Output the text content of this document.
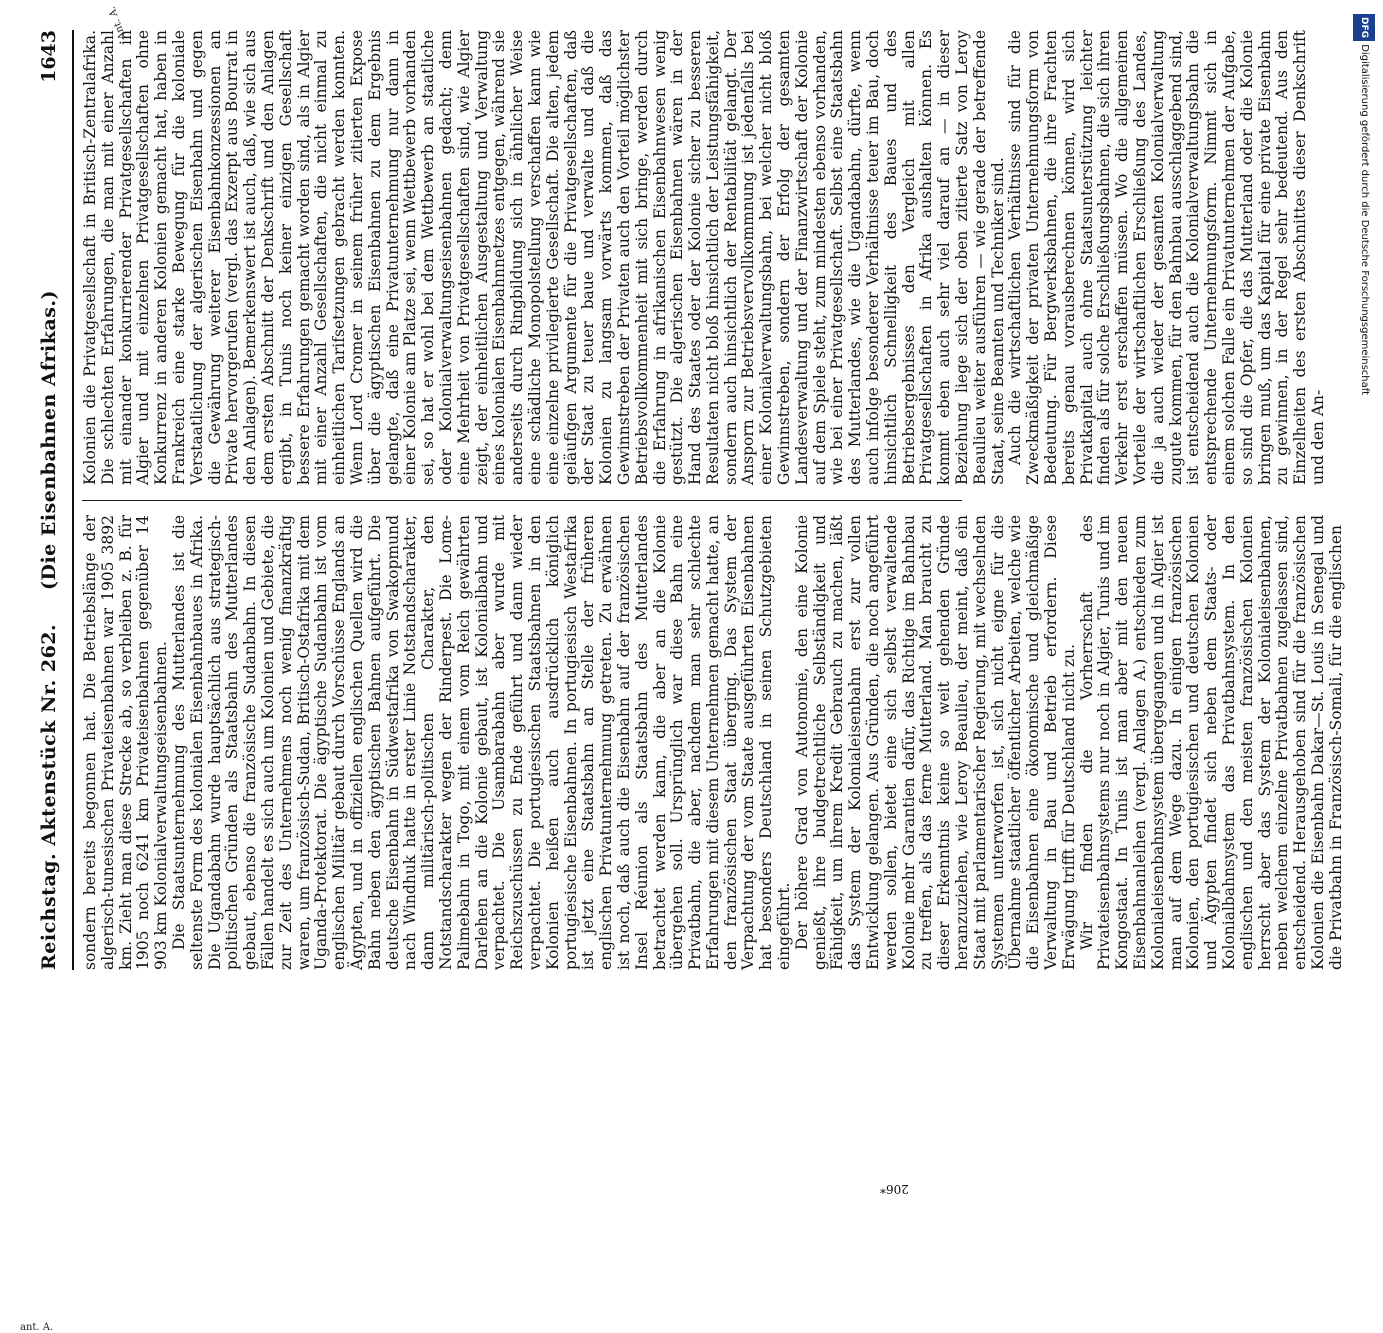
Reichstag. Aktenstück Nr. 262.
(Die Eisenbahnen Afrikas.)
1643

sondern bereits begonnen hat. Die Betriebslänge der algerisch-tunesischen Privateisenbahnen war 1905 3892 km. Zieht man diese Strecke ab, so verbleiben z. B. für 1905 noch 6241 km Privateisenbahnen gegenüber 14 903 km Kolonialverwaltungseisenbahnen. Die Staatsunternehmung des Mutterlandes ist die seltenste Form des kolonialen Eisenbahnbaues in Afrika. Die Ugandabahn wurde hauptsächlich aus strategisch-politischen Gründen als Staatsbahn des Mutterlandes gebaut, ebenso die französische Sudanbahn. In diesen Fällen handelt es sich auch um Kolonien und Gebiete, die zur Zeit des Unternehmens noch wenig finanzkräftig waren, um französisch-Sudan, Britisch-Ostafrika mit dem Uganda-Protektorat. Die ägyptische Sudanbahn ist vom englischen Militär gebaut durch Vorschüsse Englands an Ägypten, und in offiziellen englischen Quellen wird die Bahn neben den ägyptischen Bahnen aufgeführt. Die deutsche Eisenbahn in Südwestafrika von Swakopmund nach Windhuk hatte in erster Linie Notstandscharakter, dann militärisch-politischen Charakter, den Notstandscharakter wegen der Rinderpest. Die Lome-Palimebahn in Togo, mit einem vom Reich gewährten Darlehen an die Kolonie gebaut, ist Kolonialbahn und verpachtet. Die Usambarabahn aber wurde mit Reichszuschüssen zu Ende geführt und dann wieder verpachtet. Die portugiesischen Staatsbahnen in den Kolonien heißen auch ausdrücklich königlich portugiesische Eisenbahnen. In portugiesisch Westafrika ist jetzt eine Staatsbahn an Stelle der früheren englischen Privatunternehmung getreten. Zu erwähnen ist noch, daß auch die Eisenbahn auf der französischen Insel Réunion als Staatsbahn des Mutterlandes betrachtet werden kann, die aber an die Kolonie übergehen soll. Ursprünglich war diese Bahn eine Privatbahn, die aber, nachdem man sehr schlechte Erfahrungen mit diesem Unternehmen gemacht hatte, an den französischen Staat überging. Das System der Verpachtung der vom Staate ausgeführten Eisenbahnen hat besonders Deutschland in seinen Schutzgebieten eingeführt. Der höhere Grad von Autonomie, den eine Kolonie genießt, ihre budgetrechtliche Selbständigkeit und Fähigkeit, um ihrem Kredit Gebrauch zu machen, läßt das System der Kolonialeisenbahn erst zur vollen Entwicklung gelangen. Aus Gründen, die noch angeführt werden sollen, bietet eine sich selbst verwaltende Kolonie mehr Garantien dafür, das Richtige im Bahnbau zu treffen, als das ferne Mutterland. Man braucht zu dieser Erkenntnis keine so weit gehenden Gründe heranzuziehen, wie Leroy Beaulieu, der meint, daß ein Staat mit parlamentarischer Regierung, mit wechselnden Systemen unterworfen ist, sich nicht eigne für die Übernahme staatlicher öffentlicher Arbeiten, welche wie die Eisenbahnen eine ökonomische und gleichmäßige Verwaltung in Bau und Betrieb erfordern. Diese Erwägung trifft für Deutschland nicht zu. Wir finden die Vorherrschaft des Privateisenbahnsystems nur noch in Algier, Tunis und im Kongostaat. In Tunis ist man aber mit den neuen Eisenbahnanleihen (vergl. Anlagen A.) entschieden zum Kolonialeisenbahnsystem übergegangen und in Algier ist man auf dem Wege dazu. In einigen französischen Kolonien, den portugiesischen und deutschen Kolonien und Ägypten findet sich neben dem Staats- oder Kolonialbahnsystem das Privatbahnsystem. In den englischen und den meisten französischen Kolonien herrscht aber das System der Kolonialeisenbahnen, neben welchem einzelne Privatbahnen zugelassen sind, entscheidend. Herausgehoben sind für die französischen Kolonien die Eisenbahn Dakar—St. Louis in Senegal und die Privatbahn in Französisch-Somali, für die englischen

Kolonien die Privatgesellschaft in Britisch-Zentralafrika. Die schlechten Erfahrungen, die man mit einer Anzahl mit einander konkurrierender Privatgesellschaften in Algier und mit einzelnen Privatgesellschaften ohne Konkurrenz in anderen Kolonien gemacht hat, haben in Frankreich eine starke Bewegung für die koloniale Verstaatlichung der algerischen Eisenbahn und gegen die Gewährung weiterer Eisenbahnkonzessionen an Private hervorgerufen (vergl. das Exzerpt aus Bourrat in den Anlagen). Bemerkenswert ist auch, daß, wie sich aus dem ersten Abschnitt der Denkschrift und den Anlagen ergibt, in Tunis noch keiner einzigen Gesellschaft bessere Erfahrungen gemacht worden sind, als in Algier mit einer Anzahl Gesellschaften, die nicht einmal zu einheitlichen Tarifsetzungen gebracht werden konnten. Wenn Lord Cromer in seinem früher zitierten Expose über die ägyptischen Eisenbahnen zu dem Ergebnis gelangte, daß eine Privatunternehmung nur dann in einer Kolonie am Platze sei, wenn Wettbewerb vorhanden sei, so hat er wohl bei dem Wettbewerb an staatliche oder Kolonialverwaltungseisenbahnen gedacht; denn eine Mehrheit von Privatgesellschaften sind, wie Algier zeigt, der einheitlichen Ausgestaltung und Verwaltung eines kolonialen Eisenbahnnetzes entgegen, während sie anderseits durch Ringbildung sich in ähnlicher Weise eine schädliche Monopolstellung verschaffen kann wie eine einzelne privilegierte Gesellschaft. Die alten, jedem geläufigen Argumente für die Privatgesellschaften, daß der Staat zu teuer baue und verwalte und daß die Kolonien zu langsam vorwärts kommen, daß das Gewinnstreben der Privaten auch den Vorteil möglichster Betriebsvollkommenheit mit sich bringe, werden durch die Erfahrung in afrikanischen Eisenbahnwesen wenig gestützt. Die algerischen Eisenbahnen wären in der Hand des Staates oder der Kolonie sicher zu besseren Resultaten nicht bloß hinsichtlich der Leistungsfähigkeit, sondern auch hinsichtlich der Rentabilität gelangt. Der Ansporn zur Betriebsvervollkommnung ist jedenfalls bei einer Kolonialverwaltungsbahn, bei welcher nicht bloß Gewinnstreben, sondern der Erfolg der gesamten Landesverwaltung und der Finanzwirtschaft der Kolonie auf dem Spiele steht, zum mindesten ebenso vorhanden, wie bei einer Privatgesellschaft. Selbst eine Staatsbahn des Mutterlandes, wie die Ugandabahn, dürfte, wenn auch infolge besonderer Verhältnisse teuer im Bau, doch hinsichtlich Schnelligkeit des Baues und des Betriebsergebnisses den Vergleich mit allen Privatgesellschaften in Afrika aushalten können. Es kommt eben auch sehr viel darauf an — in dieser Beziehung liege sich der oben zitierte Satz von Leroy Beaulieu weiter ausführen — wie gerade der betreffende Staat, seine Beamten und Techniker sind. Auch die wirtschaftlichen Verhältnisse sind für die Zweckmäßigkeit der privaten Unternehmungsform von Bedeutung. Für Bergwerksbahnen, die ihre Frachten bereits genau vorausberechnen können, wird sich Privatkapital auch ohne Staatsunterstützung leichter finden als für solche Erschließungsbahnen, die sich ihren Verkehr erst erschaffen müssen. Wo die allgemeinen Vorteile der wirtschaftlichen Erschließung des Landes, die ja auch wieder der gesamten Kolonialverwaltung zugute kommen, für den Bahnbau ausschlaggebend sind, ist entscheidend auch die Kolonialverwaltungsbahn die entsprechende Unternehmungsform. Nimmt sich in einem solchen Falle ein Privatunternehmen der Aufgabe, so sind die Opfer, die das Mutterland oder die Kolonie bringen muß, um das Kapital für eine private Eisenbahn zu gewinnen, in der Regel sehr bedeutend. Aus den Einzelheiten des ersten Abschnittes dieser Denkschrift und den An-

Ant. A.
ant. A.
206*
DFG Digitalisierung gefördert durch die Deutsche Forschungsgemeinschaft
